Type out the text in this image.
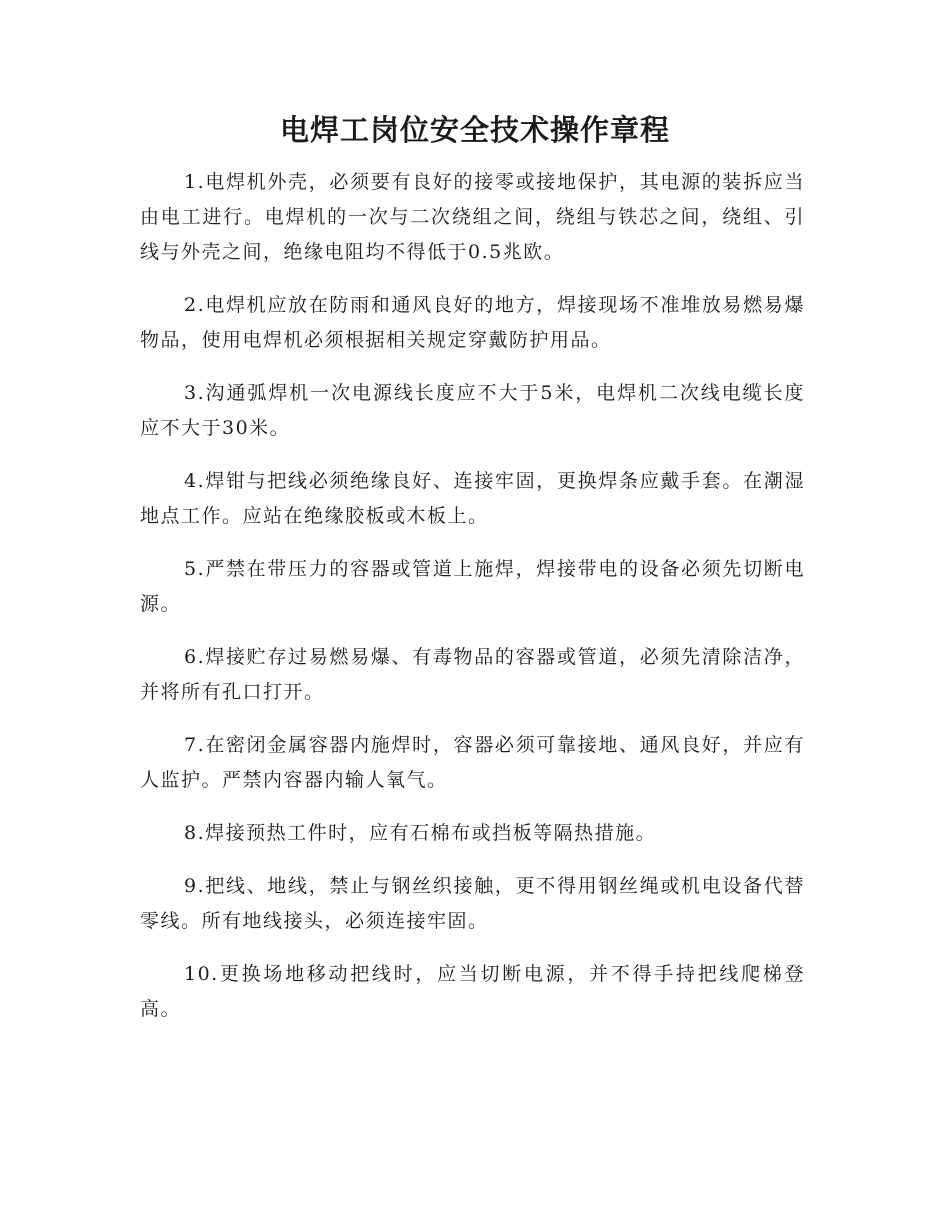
电焊工岗位安全技术操作章程

1.电焊机外壳，必须要有良好的接零或接地保护，其电源的装拆应当由电工进行。电焊机的一次与二次绕组之间，绕组与铁芯之间，绕组、引线与外壳之间，绝缘电阻均不得低于0.5兆欧。

2.电焊机应放在防雨和通风良好的地方，焊接现场不准堆放易燃易爆物品，使用电焊机必须根据相关规定穿戴防护用品。

3.沟通弧焊机一次电源线长度应不大于5米，电焊机二次线电缆长度应不大于30米。

4.焊钳与把线必须绝缘良好、连接牢固，更换焊条应戴手套。在潮湿地点工作。应站在绝缘胶板或木板上。

5.严禁在带压力的容器或管道上施焊，焊接带电的设备必须先切断电源。

6.焊接贮存过易燃易爆、有毒物品的容器或管道，必须先清除洁净，并将所有孔口打开。

7.在密闭金属容器内施焊时，容器必须可靠接地、通风良好，并应有人监护。严禁内容器内输人氧气。

8.焊接预热工件时，应有石棉布或挡板等隔热措施。

9.把线、地线，禁止与钢丝织接触，更不得用钢丝绳或机电设备代替零线。所有地线接头，必须连接牢固。

10.更换场地移动把线时，应当切断电源，并不得手持把线爬梯登高。
